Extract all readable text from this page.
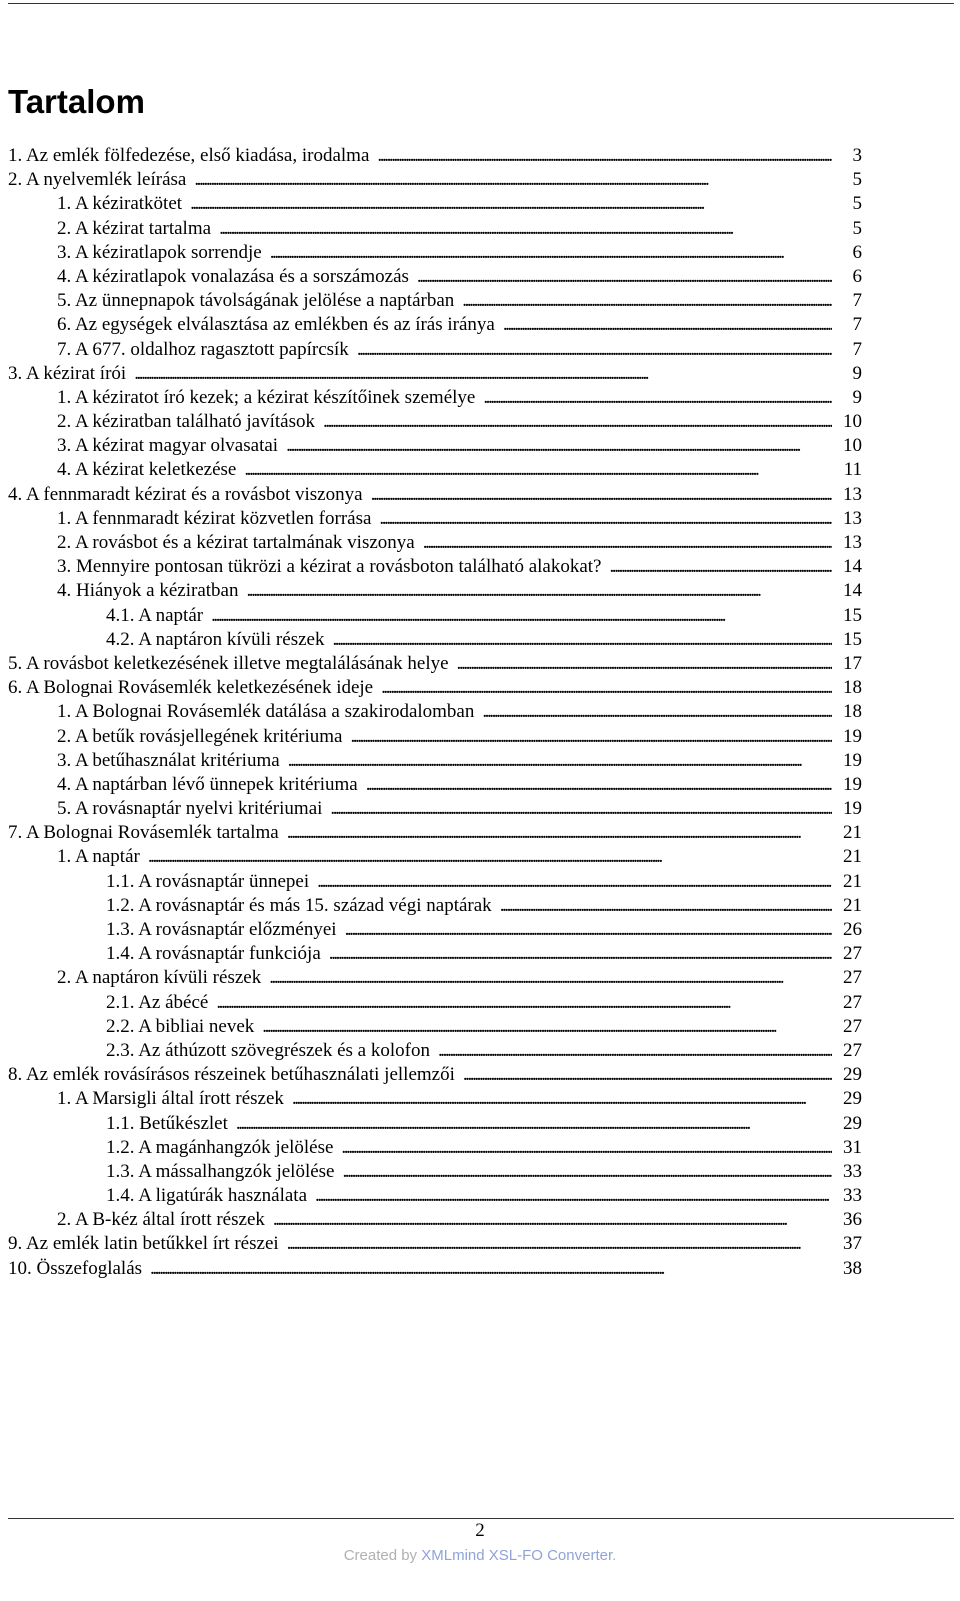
Tartalom
1. Az emlék fölfedezése, első kiadása, irodalma . . .	3
2. A nyelvemlék leírása . . .	5
1. A kéziratkötet . . .	5
2. A kézirat tartalma . . .	5
3. A kéziratlapok sorrendje . . .	6
4. A kéziratlapok vonalazása és a sorszámozás . . .	6
5. Az ünnepnapok távolságának jelölése a naptárban . . .	7
6. Az egységek elválasztása az emlékben és az írás iránya . . .	7
7. A 677. oldalhoz ragasztott papírcsík . . .	7
3. A kézirat írói . . .	9
1. A kéziratot író kezek; a kézirat készítőinek személye . . .	9
2. A kéziratban található javítások . . .	10
3. A kézirat magyar olvasatai . . .	10
4. A kézirat keletkezése . . .	11
4. A fennmaradt kézirat és a rovásbot viszonya . . .	13
1. A fennmaradt kézirat közvetlen forrása . . .	13
2. A rovásbot és a kézirat tartalmának viszonya . . .	13
3. Mennyire pontosan tükrözi a kézirat a rovásboton található alakokat? . . .	14
4. Hiányok a kéziratban . . .	14
4.1. A naptár . . .	15
4.2. A naptáron kívüli részek . . .	15
5. A rovásbot keletkezésének illetve megtalálásának helye . . .	17
6. A Bolognai Rovásemlék keletkezésének ideje . . .	18
1. A Bolognai Rovásemlék datálása a szakirodalomban . . .	18
2. A betűk rovásjellegének kritériuma . . .	19
3. A betűhasználat kritériuma . . .	19
4. A naptárban lévő ünnepek kritériuma . . .	19
5. A rovásnaptár nyelvi kritériumai . . .	19
7. A Bolognai Rovásemlék tartalma . . .	21
1. A naptár . . .	21
1.1. A rovásnaptár ünnepei . . .	21
1.2. A rovásnaptár és más 15. század végi naptárak . . .	21
1.3. A rovásnaptár előzményei . . .	26
1.4. A rovásnaptár funkciója . . .	27
2. A naptáron kívüli részek . . .	27
2.1. Az ábécé . . .	27
2.2. A bibliai nevek . . .	27
2.3. Az áthúzott szövegrészek és a kolofon . . .	27
8. Az emlék rovásírásos részeinek betűhasználati jellemzői . . .	29
1. A Marsigli által írott részek . . .	29
1.1. Betűkészlet . . .	29
1.2. A magánhangzók jelölése . . .	31
1.3. A mássalhangzók jelölése . . .	33
1.4. A ligatúrák használata . . .	33
2. A B-kéz által írott részek . . .	36
9. Az emlék latin betűkkel írt részei . . .	37
10. Összefoglalás . . .	38
2
Created by XMLmind XSL-FO Converter.
